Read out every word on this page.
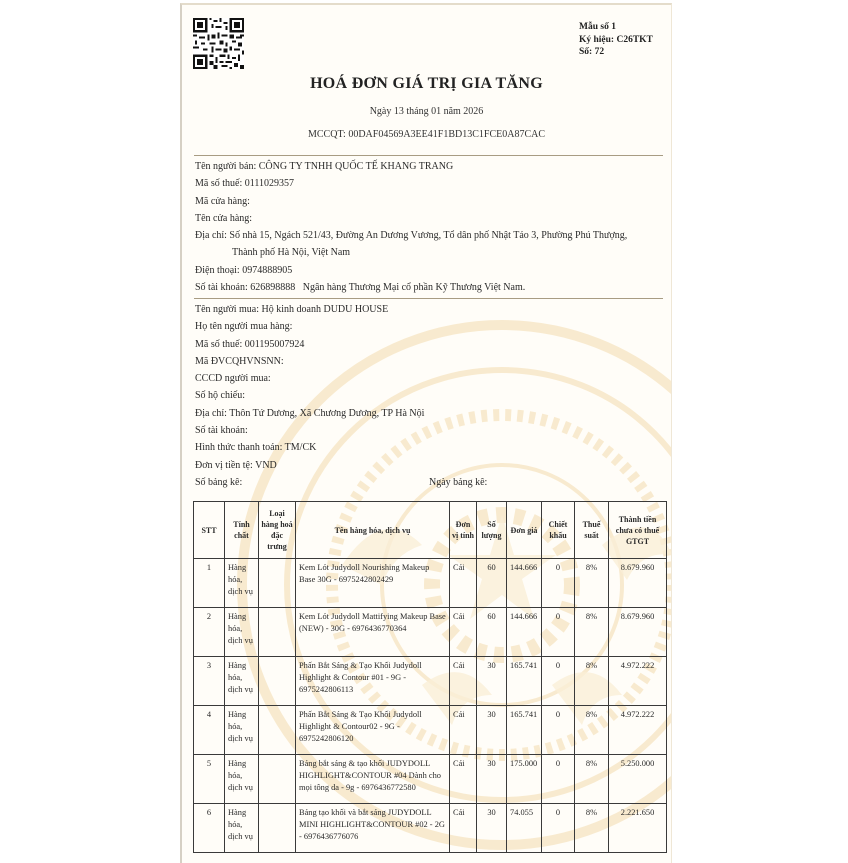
Mẫu số 1
Ký hiệu: C26TKT
Số: 72
HOÁ ĐƠN GIÁ TRỊ GIA TĂNG
Ngày 13 tháng 01 năm 2026
MCCQT: 00DAF04569A3EE41F1BD13C1FCE0A87CAC
Tên người bán: CÔNG TY TNHH QUỐC TẾ KHANG TRANG
Mã số thuế: 0111029357
Mã cửa hàng:
Tên cửa hàng:
Địa chỉ: Số nhà 15, Ngách 521/43, Đường An Dương Vương, Tổ dân phố Nhật Tảo 3, Phường Phú Thượng,
Thành phố Hà Nội, Việt Nam
Điện thoại: 0974888905
Số tài khoản: 626898888   Ngân hàng Thương Mại cổ phần Kỹ Thương Việt Nam.
Tên người mua: Hộ kinh doanh DUDU HOUSE
Họ tên người mua hàng:
Mã số thuế: 001195007924
Mã ĐVCQHVNSNN:
CCCD người mua:
Số hộ chiếu:
Địa chỉ: Thôn Tứ Dương, Xã Chương Dương, TP Hà Nội
Số tài khoản:
Hình thức thanh toán: TM/CK
Đơn vị tiền tệ: VND
Số bảng kê:	Ngày bảng kê:
STT	Tính chất	Loại hàng hoá đặc trưng	Tên hàng hóa, dịch vụ	Đơn vị tính	Số lượng	Đơn giá	Chiết khấu	Thuế suất	Thành tiền chưa có thuế GTGT
1	Hàng hóa, dịch vụ		Kem Lót Judydoll Nourishing Makeup Base 30G - 6975242802429	Cái	60	144.666	0	8%	8.679.960
2	Hàng hóa, dịch vụ		Kem Lót Judydoll Mattifying Makeup Base (NEW) - 30G - 6976436770364	Cái	60	144.666	0	8%	8.679.960
3	Hàng hóa, dịch vụ		Phấn Bắt Sáng & Tạo Khối Judydoll Highlight & Contour #01 - 9G - 6975242806113	Cái	30	165.741	0	8%	4.972.222
4	Hàng hóa, dịch vụ		Phấn Bắt Sáng & Tạo Khối Judydoll Highlight & Contour02 - 9G - 6975242806120	Cái	30	165.741	0	8%	4.972.222
5	Hàng hóa, dịch vụ		Bảng bắt sáng & tạo khối JUDYDOLL HIGHLIGHT&CONTOUR #04 Dành cho mọi tông da - 9g - 6976436772580	Cái	30	175.000	0	8%	5.250.000
6	Hàng hóa, dịch vụ		Bảng tạo khối và bắt sáng JUDYDOLL MINI HIGHLIGHT&CONTOUR #02 - 2G - 6976436776076	Cái	30	74.055	0	8%	2.221.650
